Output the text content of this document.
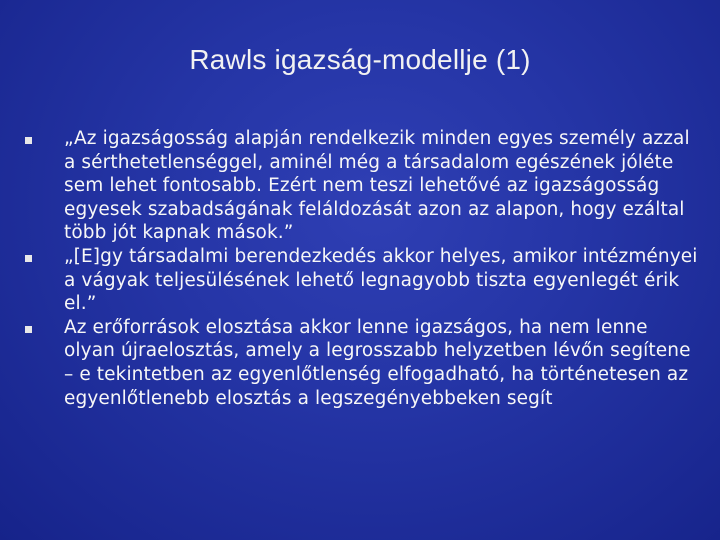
Rawls igazság-modellje (1)
„Az igazságosság alapján rendelkezik minden egyes személy azzal a sérthetetlenséggel, aminél még a társadalom egészének jóléte sem lehet fontosabb. Ezért nem teszi lehetővé az igazságosság egyesek szabadságának feláldozását azon az alapon, hogy ezáltal több jót kapnak mások.”
„[E]gy társadalmi berendezkedés akkor helyes, amikor intézményei a vágyak teljesülésének lehető legnagyobb tiszta egyenlegét érik el.”
Az erőforrások elosztása akkor lenne igazságos, ha nem lenne olyan újraelosztás, amely a legrosszabb helyzetben lévőn segítene – e tekintetben az egyenlőtlenség elfogadható, ha történetesen az egyenlőtlenebb elosztás a legszegényebbeken segít
